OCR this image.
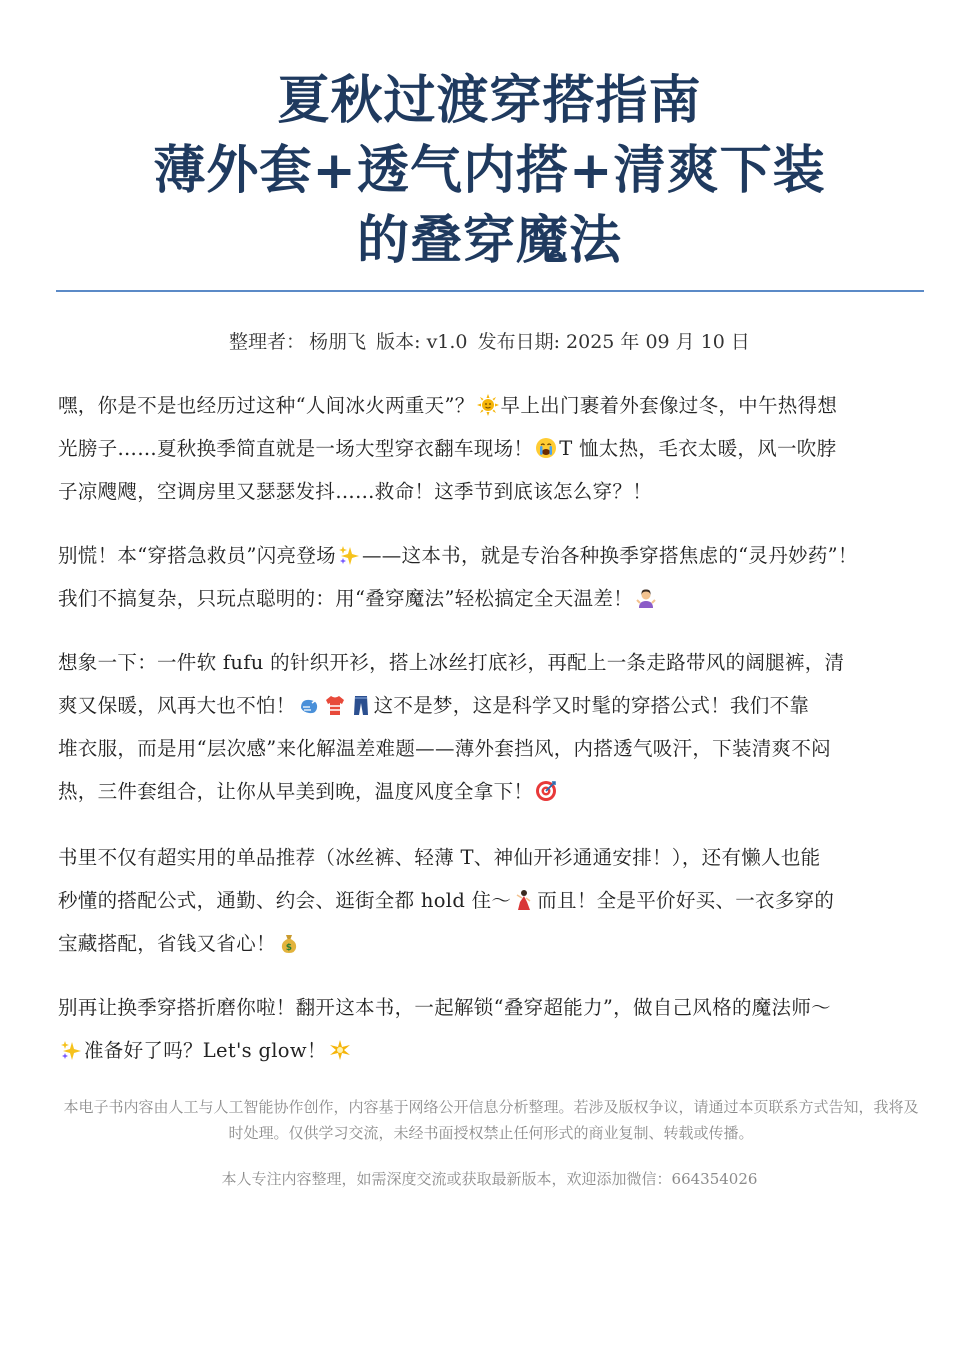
夏秋过渡穿搭指南
薄外套+透气内搭+清爽下装
的叠穿魔法
整理者： 杨朋飞 版本: v1.0 发布日期: 2025 年 09 月 10 日
嘿，你是不是也经历过这种“人间冰火两重天”？ 早上出门裹着外套像过冬，中午热得想
光膀子……夏秋换季简直就是一场大型穿衣翻车现场！ T 恤太热，毛衣太暖，风一吹脖
子凉飕飕，空调房里又瑟瑟发抖……救命！这季节到底该怎么穿？！
别慌！本“穿搭急救员”闪亮登场 ——这本书，就是专治各种换季穿搭焦虑的“灵丹妙药”！
我们不搞复杂，只玩点聪明的：用“叠穿魔法”轻松搞定全天温差！
想象一下：一件软 fufu 的针织开衫，搭上冰丝打底衫，再配上一条走路带风的阔腿裤，清
爽又保暖，风再大也不怕！	这不是梦，这是科学又时髦的穿搭公式！我们不靠
堆衣服，而是用“层次感”来化解温差难题——薄外套挡风，内搭透气吸汗，下装清爽不闷
热，三件套组合，让你从早美到晚，温度风度全拿下！
书里不仅有超实用的单品推荐（冰丝裤、轻薄 T、神仙开衫通通安排！），还有懒人也能
秒懂的搭配公式，通勤、约会、逛街全都 hold 住～ 而且！全是平价好买、一衣多穿的
宝藏搭配，省钱又省心！ $
别再让换季穿搭折磨你啦！翻开这本书，一起解锁“叠穿超能力”，做自己风格的魔法师～
准备好了吗？Let's glow！
本电子书内容由人工与人工智能协作创作，内容基于网络公开信息分析整理。若涉及版权争议，请通过本页联系方式告知，我将及时处理。仅供学习交流，未经书面授权禁止任何形式的商业复制、转载或传播。
本人专注内容整理，如需深度交流或获取最新版本，欢迎添加微信：664354026
